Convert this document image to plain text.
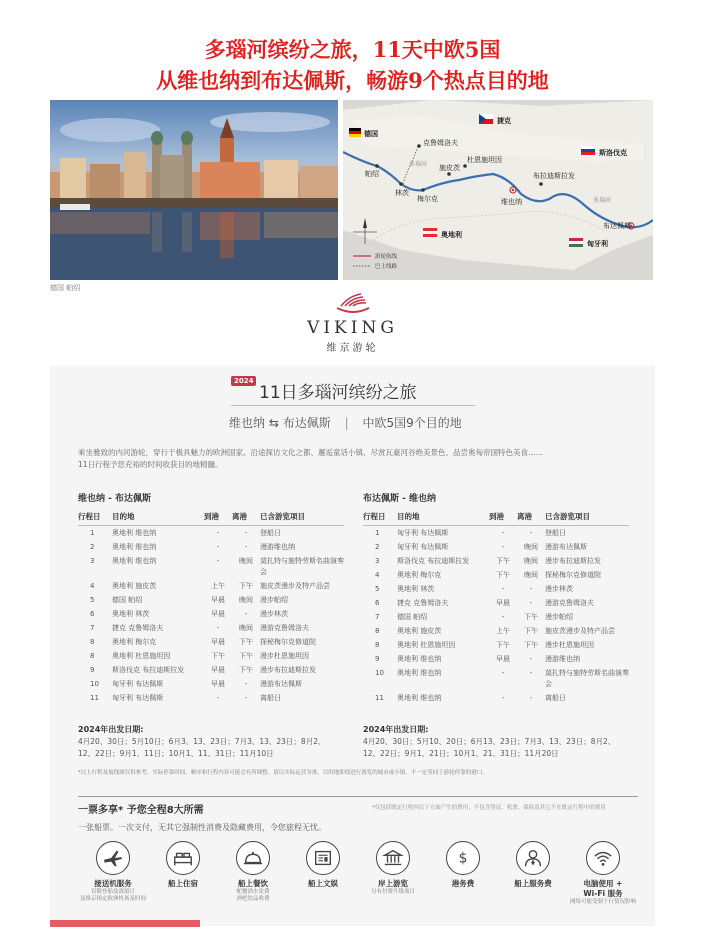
多瑙河缤纷之旅，11天中欧5国
从维也纳到布达佩斯，畅游9个热点目的地
德国 帕绍
德国
捷克
斯洛伐克
奥地利
匈牙利
克鲁姆洛夫
杜恩施坦因
施皮茨
帕绍
林茨
梅尔克	维也纳
布拉迪斯拉发
布达佩斯
多瑙河
多瑙河
游轮航线
巴士线路
VIKING
维京游轮
2024
11日多瑙河缤纷之旅
维也纳 ⇆ 布达佩斯 | 中欧5国9个目的地
乘坐雅致的内河游轮，穿行于极具魅力的欧洲国家。沿途探访文化之都、邂逅童话小镇、尽赏瓦豪河谷绝美景色、品尝奥匈帝国特色美食……
11日行程予您充裕的时间收获目的地精髓。
维也纳 - 布达佩斯
行程日	目的地	到港	离港	已含游览项目
1	奥地利 维也纳	-	-	登船日
2	奥地利 维也纳	-	-	漫游维也纳
3	奥地利 维也纳	-	晚间	莫扎特与施特劳斯名曲演奏会
4	奥地利 施皮茨	上午	下午	施皮茨漫步及特产品尝
5	德国 帕绍	早晨	晚间	漫步帕绍
6	奥地利 林茨	早晨	-	漫步林茨
7	捷克 克鲁姆洛夫	-	晚间	漫游克鲁姆洛夫
8	奥地利 梅尔克	早晨	下午	探秘梅尔克修道院
8	奥地利 杜恩施坦因	下午	下午	漫步杜恩施坦因
9	斯洛伐克 布拉迪斯拉发	早晨	下午	漫步布拉迪斯拉发
10	匈牙利 布达佩斯	早晨	-	漫游布达佩斯
11	匈牙利 布达佩斯	-	-	离船日
布达佩斯 - 维也纳
行程日	目的地	到港	离港	已含游览项目
1	匈牙利 布达佩斯	-	-	登船日
2	匈牙利 布达佩斯	-	晚间	漫游布达佩斯
3	斯洛伐克 布拉迪斯拉发	下午	晚间	漫步布拉迪斯拉发
4	奥地利 梅尔克	下午	晚间	探秘梅尔克修道院
5	奥地利 林茨	-	-	漫步林茨
6	捷克 克鲁姆洛夫	早晨	-	漫游克鲁姆洛夫
7	德国 帕绍	-	下午	漫步帕绍
8	奥地利 施皮茨	上午	下午	施皮茨漫步及特产品尝
8	奥地利 杜恩施坦因	下午	下午	漫步杜恩施坦因
9	奥地利 维也纳	早晨	-	漫游维也纳
10	奥地利 维也纳	-	-	莫扎特与施特劳斯名曲演奏会
11	奥地利 维也纳	-	-	离船日
2024年出发日期:
4月20、30日；5月10日；6月3、13、23日；7月3、13、23日；8月2、
12、22日；9月1、11日；10月1、11、31日；11月10日
2024年出发日期:
4月20、30日；5月10、20日；6月13、23日；7月3、13、23日；8月2、
12、22日；9月1、21日；10月1、21、31日；11月20日
*以上行程及航线图仅供参考，实际停靠时间、顺序和行程内容可能会有所调整。请以实际运营为准。目的地即使进行游览的城市或小镇，不一定等同于游轮停靠的港口。
一票多享* 予您全程8大所需	*仅包括既定行程内以下方面产生的费用；不包含签证、机票、保险及其它不在既定行程中的费用
一张船票。一次支付，无其它强制性消费及隐藏费用，令您旅程无忧。
接送机服务
仅限登船及离船日
及维京指定欧洲机场及时间
船上住宿	船上餐饮
配餐酒水免费
酒吧饮品收费
船上文娱	岸上游览
另有付费升级项目
$
港务费	船上服务费	电脑使用 +
Wi-Fi 服务
网络可能受制于行情况影响
